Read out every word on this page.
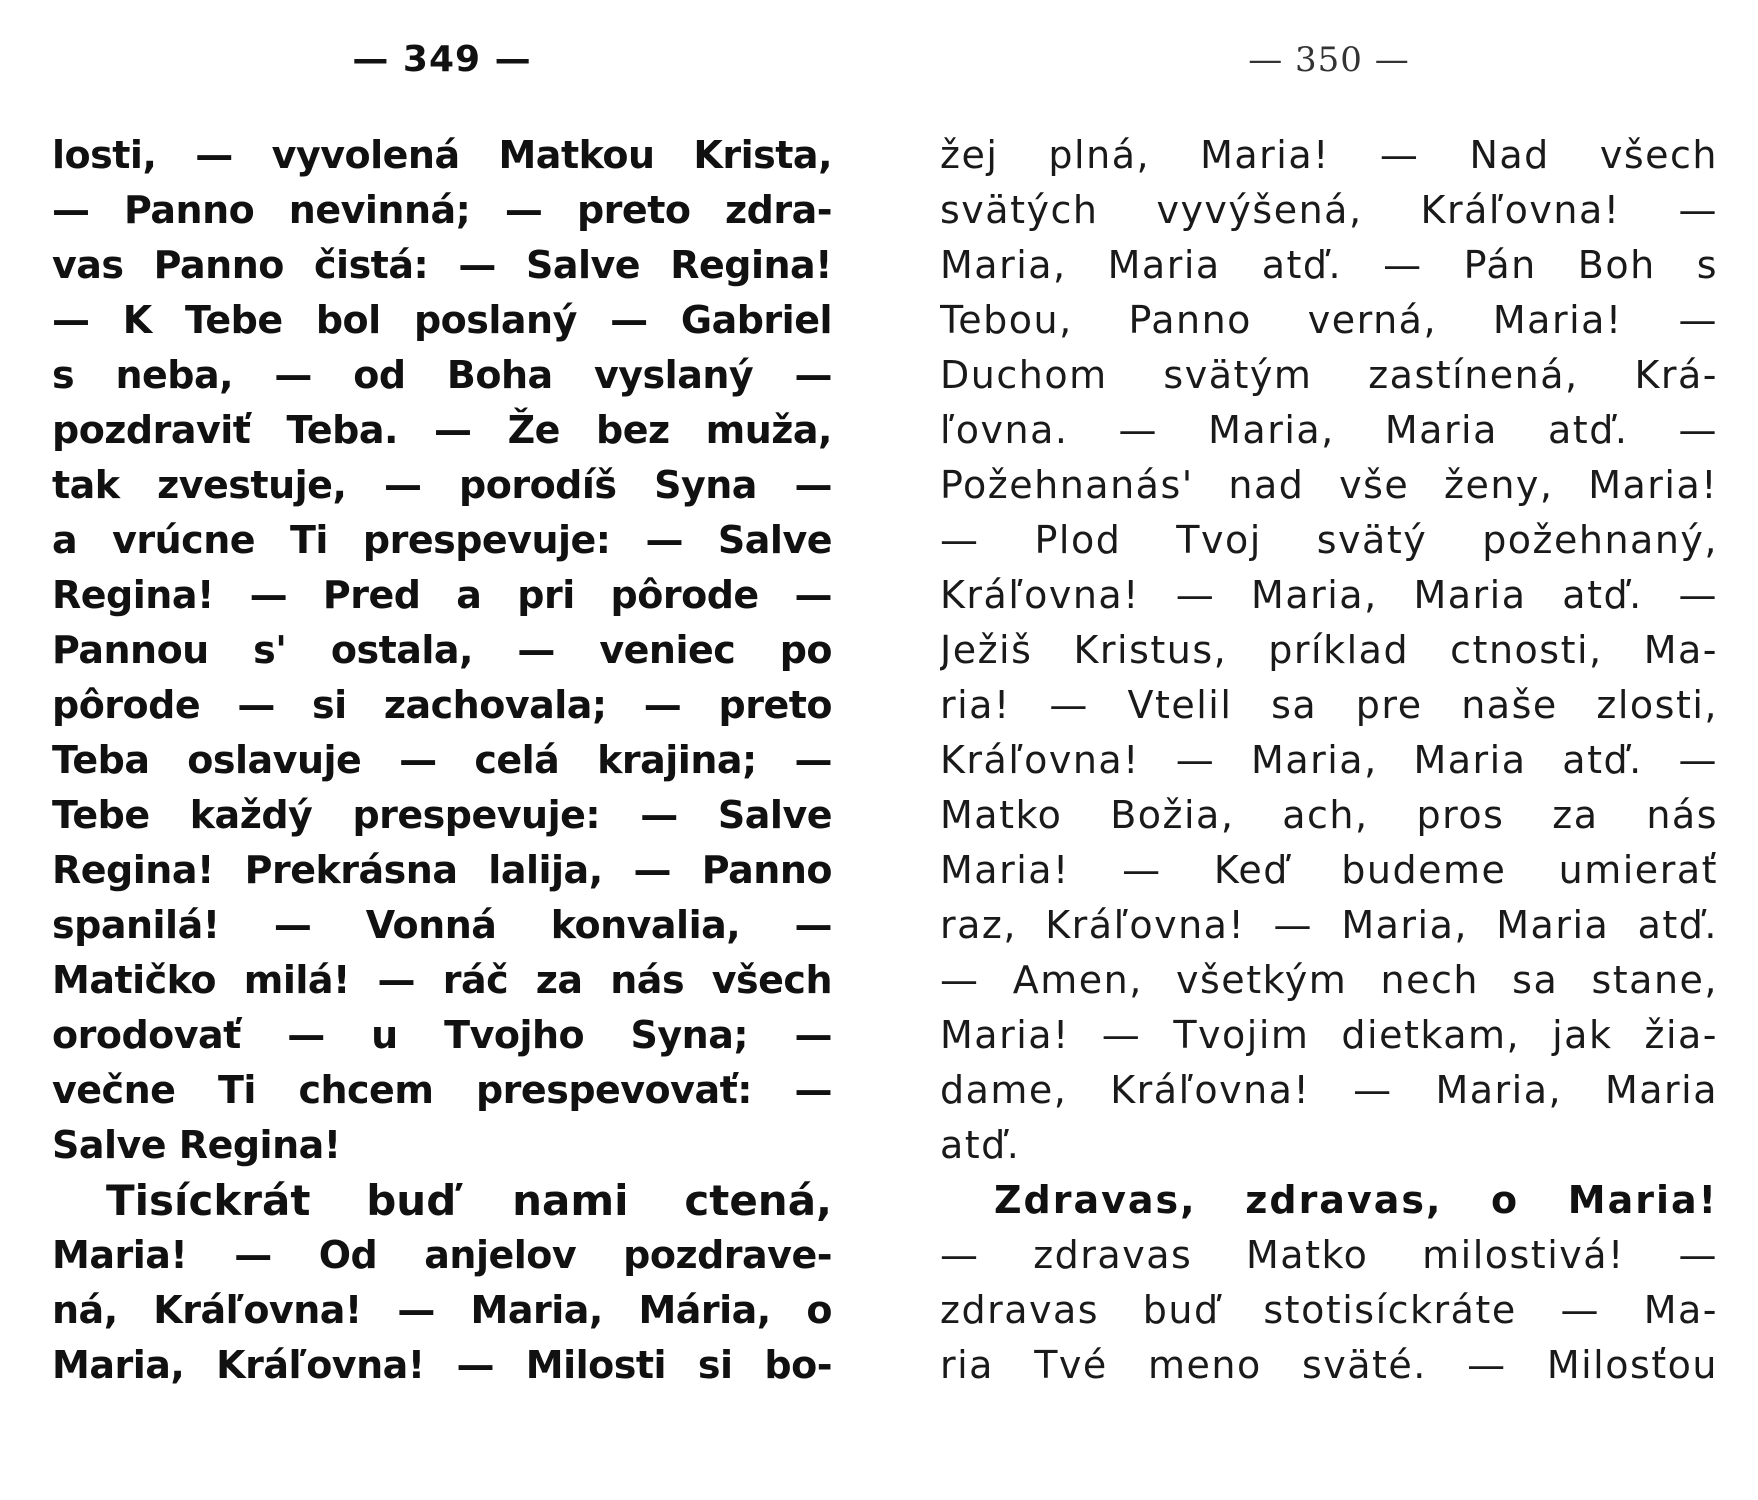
— 349 —
losti, — vyvolená Matkou Krista,
— Panno nevinná; — preto zdra-
vas Panno čistá: — Salve Regina!
— K Tebe bol poslaný — Gabriel
s neba, — od Boha vyslaný —
pozdraviť Teba. — Že bez muža,
tak zvestuje, — porodíš Syna —
a vrúcne Ti prespevuje: — Salve
Regina! — Pred a pri pôrode —
Pannou s' ostala, — veniec po
pôrode — si zachovala; — preto
Teba oslavuje — celá krajina; —
Tebe každý prespevuje: — Salve
Regina! Prekrásna lalija, — Panno
spanilá! — Vonná konvalia, —
Matičko milá! — ráč za nás všech
orodovať — u Tvojho Syna; —
večne Ti chcem prespevovať: —
Salve Regina!
Tisíckrát buď nami ctená,
Maria! — Od anjelov pozdrave-
ná, Kráľovna! — Maria, Mária, o
Maria, Kráľovna! — Milosti si bo-
— 350 —
žej plná, Maria! — Nad všech
svätých vyvýšená, Kráľovna! —
Maria, Maria atď. — Pán Boh s
Tebou, Panno verná, Maria! —
Duchom svätým zastínená, Krá-
ľovna. — Maria, Maria atď. —
Požehnanás' nad vše ženy, Maria!
— Plod Tvoj svätý požehnaný,
Kráľovna! — Maria, Maria atď. —
Ježiš Kristus, príklad ctnosti, Ma-
ria! — Vtelil sa pre naše zlosti,
Kráľovna! — Maria, Maria atď. —
Matko Božia, ach, pros za nás
Maria! — Keď budeme umierať
raz, Kráľovna! — Maria, Maria atď.
— Amen, všetkým nech sa stane,
Maria! — Tvojim dietkam, jak žia-
dame, Kráľovna! — Maria, Maria
atď.
Zdravas, zdravas, o Maria!
— zdravas Matko milostivá! —
zdravas buď stotisíckráte — Ma-
ria Tvé meno sväté. — Milosťou
